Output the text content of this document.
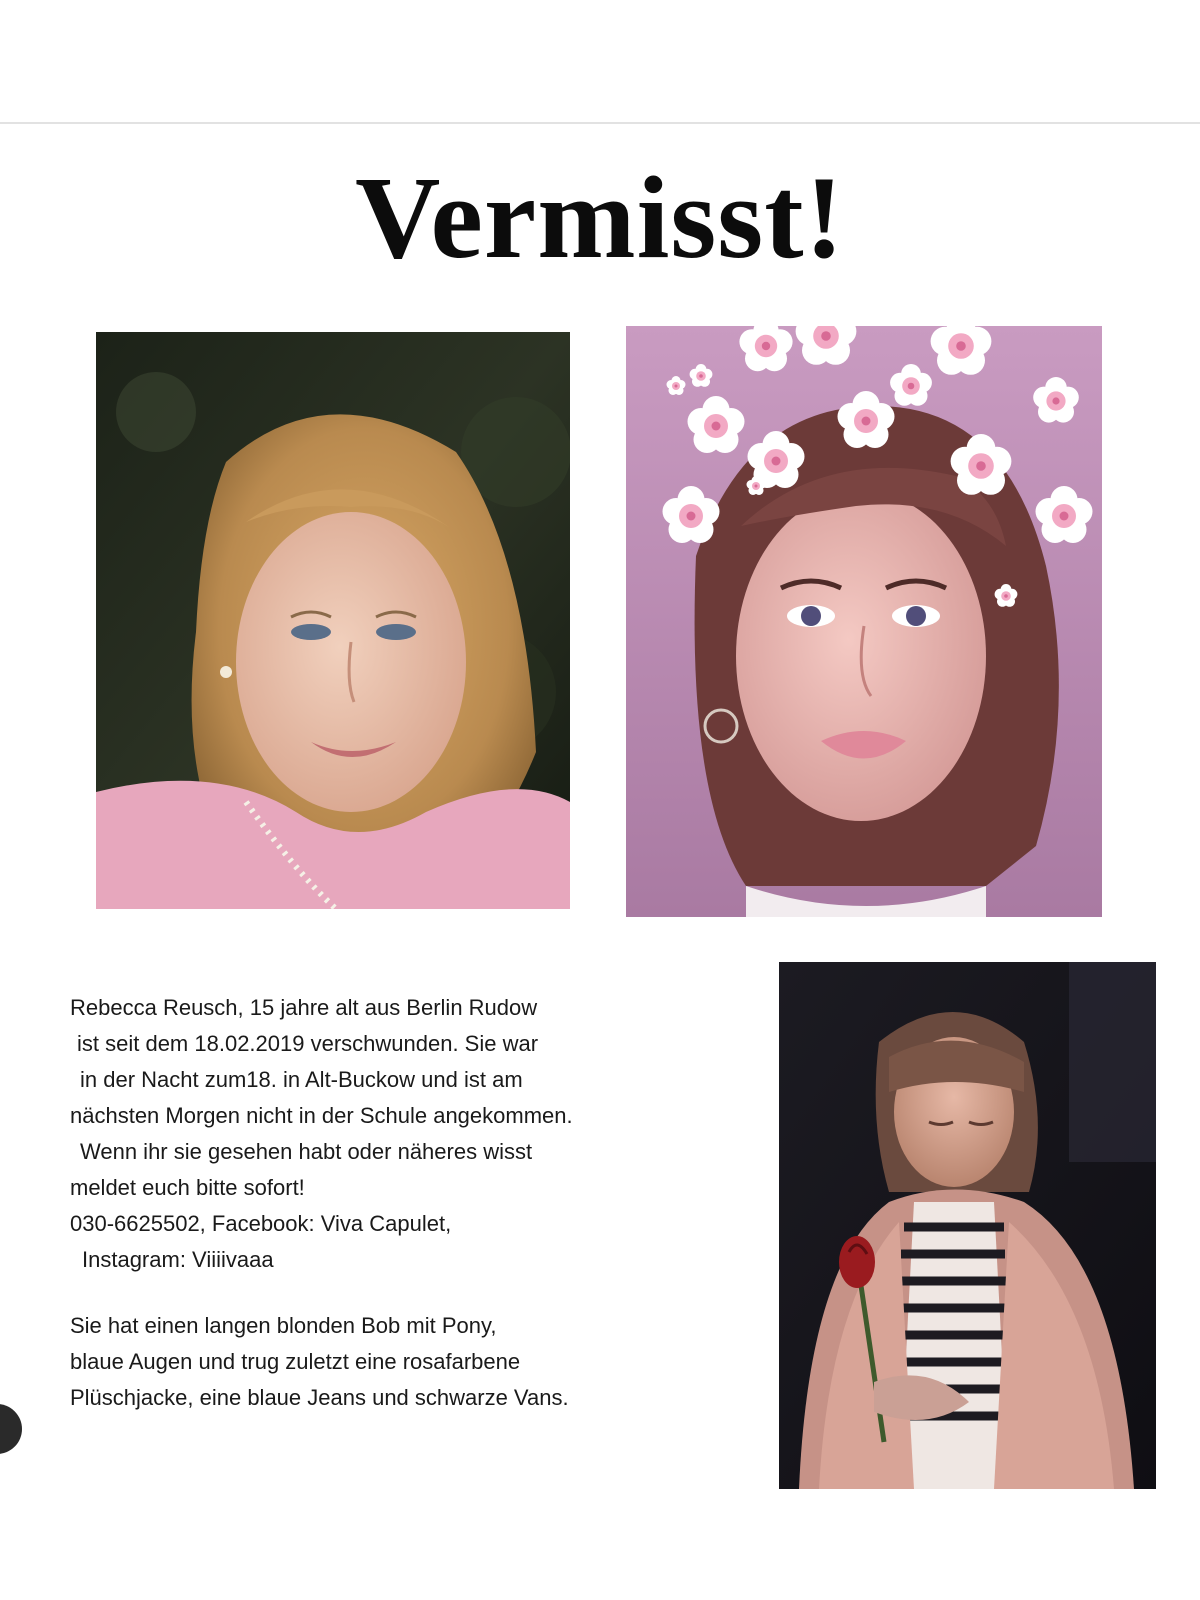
Vermisst!
Rebecca Reusch, 15 jahre alt aus Berlin Rudow
ist seit dem 18.02.2019 verschwunden. Sie war
in der Nacht zum18. in Alt-Buckow und ist am
nächsten Morgen nicht in der Schule angekommen.
Wenn ihr sie gesehen habt oder näheres wisst
meldet euch bitte sofort!
030-6625502, Facebook: Viva Capulet,
Instagram: Viiiivaaa
Sie hat einen langen blonden Bob mit Pony,
blaue Augen und trug zuletzt eine rosafarbene
Plüschjacke, eine blaue Jeans und schwarze Vans.
